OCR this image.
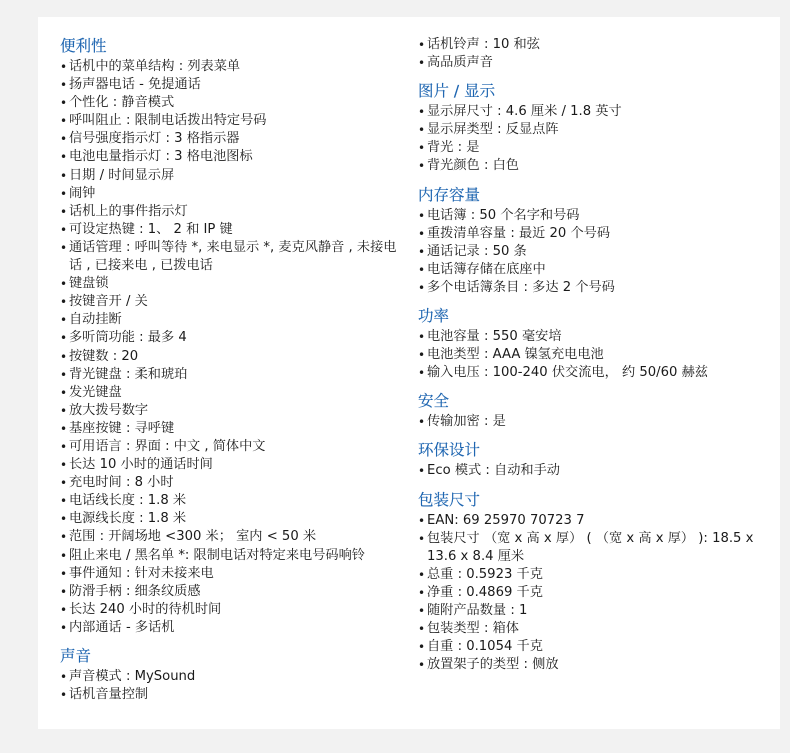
便利性
• 话机中的菜单结构 : 列表菜单
• 扬声器电话 - 免提通话
• 个性化 : 静音模式
• 呼叫阻止 : 限制电话拨出特定号码
• 信号强度指示灯 : 3 格指示器
• 电池电量指示灯 : 3 格电池图标
• 日期 / 时间显示屏
• 闹钟
• 话机上的事件指示灯
• 可设定热键 : 1、 2 和 IP 键
• 通话管理 : 呼叫等待 *, 来电显示 *, 麦克风静音 , 未接电话 , 已接来电 , 已拨电话
• 键盘锁
• 按键音开 / 关
• 自动挂断
• 多听筒功能 : 最多 4
• 按键数 : 20
• 背光键盘 : 柔和琥珀
• 发光键盘
• 放大拨号数字
• 基座按键 : 寻呼键
• 可用语言 : 界面 : 中文 , 简体中文
• 长达 10 小时的通话时间
• 充电时间 : 8 小时
• 电话线长度 : 1.8 米
• 电源线长度 : 1.8 米
• 范围 : 开阔场地 <300 米； 室内 < 50 米
• 阻止来电 / 黑名单 *: 限制电话对特定来电号码响铃
• 事件通知 : 针对未接来电
• 防滑手柄 : 细条纹质感
• 长达 240 小时的待机时间
• 内部通话 - 多话机
声音
• 声音模式 : MySound
• 话机音量控制
• 话机铃声 : 10 和弦
• 高品质声音
图片 / 显示
• 显示屏尺寸 : 4.6 厘米 / 1.8 英寸
• 显示屏类型 : 反显点阵
• 背光 : 是
• 背光颜色 : 白色
内存容量
• 电话簿 : 50 个名字和号码
• 重拨清单容量 : 最近 20 个号码
• 通话记录 : 50 条
• 电话簿存储在底座中
• 多个电话簿条目 : 多达 2 个号码
功率
• 电池容量 : 550 毫安培
• 电池类型 : AAA 镍氢充电电池
• 输入电压 : 100-240 伏交流电， 约 50/60 赫兹
安全
• 传输加密 : 是
环保设计
• Eco 模式 : 自动和手动
包装尺寸
• EAN: 69 25970 70723 7
• 包装尺寸 （宽 x 高 x 厚） ( （宽 x 高 x 厚） ): 18.5 x 13.6 x 8.4 厘米
• 总重 : 0.5923 千克
• 净重 : 0.4869 千克
• 随附产品数量 : 1
• 包装类型 : 箱体
• 自重 : 0.1054 千克
• 放置架子的类型 : 侧放
